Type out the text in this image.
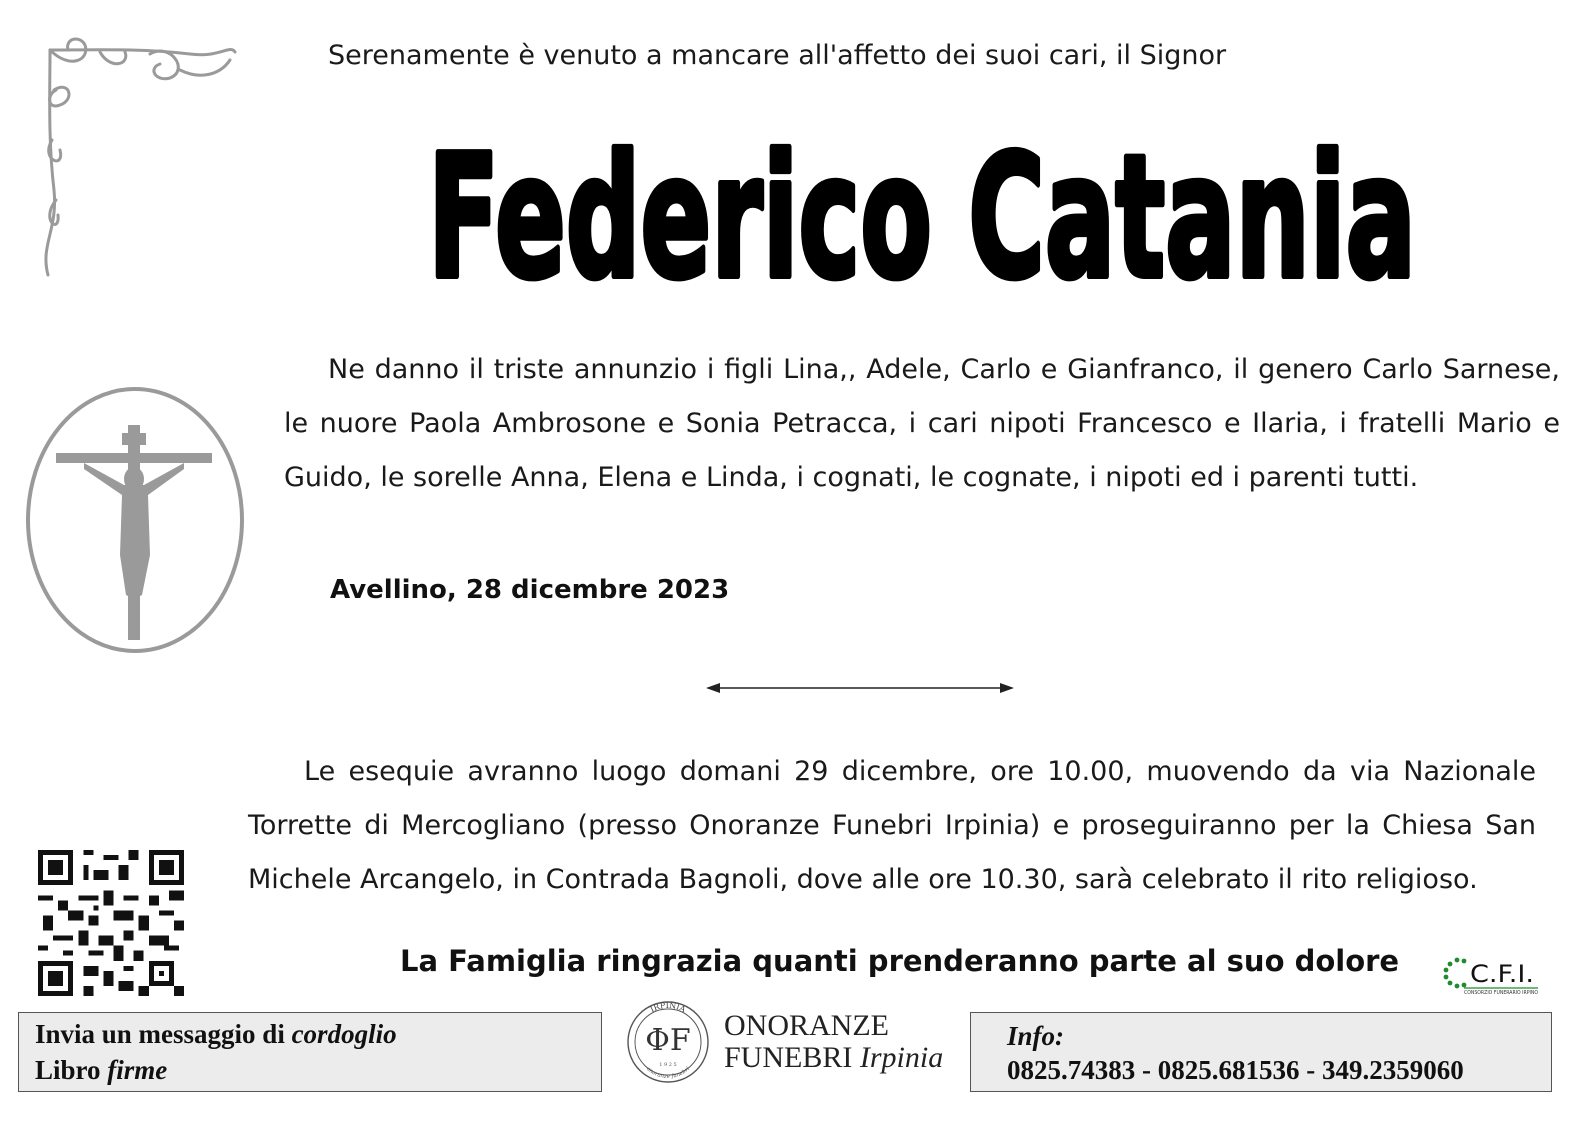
Serenamente è venuto a mancare all'affetto dei suoi cari, il Signor
Federico Catania
Ne danno il triste annunzio i figli Lina,, Adele, Carlo e Gianfranco, il genero Carlo Sarnese, le nuore Paola Ambrosone e Sonia Petracca, i cari nipoti Francesco e Ilaria, i fratelli Mario e Guido, le sorelle Anna, Elena e Linda, i cognati, le cognate, i nipoti ed i parenti tutti.
Avellino, 28 dicembre 2023
Le esequie avranno luogo domani 29 dicembre, ore 10.00, muovendo da via Nazionale Torrette di Mercogliano (presso Onoranze Funebri Irpinia) e proseguiranno per la Chiesa San Michele Arcangelo, in Contrada Bagnoli, dove alle ore 10.30, sarà celebrato il rito religioso.
La Famiglia ringrazia quanti prenderanno parte al suo dolore	C.F.I.
CONSORZIO FUNERARIO IRPINO
Invia un messaggio di cordoglio
Libro firme
IRPINIA
ΦF
1 9 2 5
onoranze funebri
ONORANZE
FUNEBRI Irpinia
Info:
0825.74383 - 0825.681536 - 349.2359060
